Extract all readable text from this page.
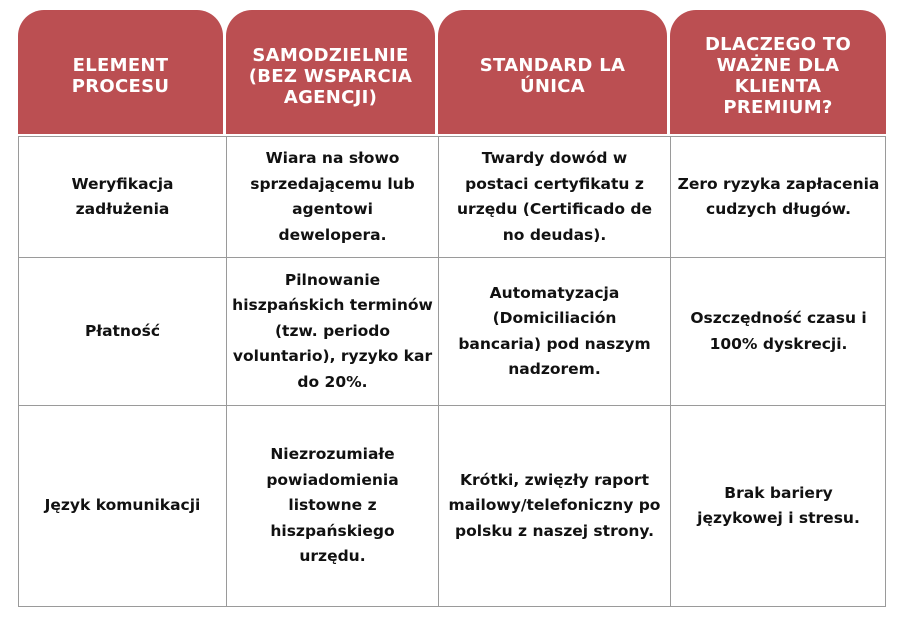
ELEMENT PROCESU
SAMODZIELNIE (BEZ WSPARCIA AGENCJI)
STANDARD LA ÚNICA
DLACZEGO TO WAŻNE DLA KLIENTA PREMIUM?
Weryfikacja zadłużenia
Wiara na słowo sprzedającemu lub agentowi dewelopera.
Twardy dowód w postaci certyfikatu z urzędu (Certificado de no deudas).
Zero ryzyka zapłacenia cudzych długów.
Płatność
Pilnowanie hiszpańskich terminów (tzw. periodo voluntario), ryzyko kar do 20%.
Automatyzacja (Domiciliación bancaria) pod naszym nadzorem.
Oszczędność czasu i 100% dyskrecji.
Język komunikacji
Niezrozumiałe powiadomienia listowne z hiszpańskiego urzędu.
Krótki, zwięzły raport mailowy/telefoniczny po polsku z naszej strony.
Brak bariery językowej i stresu.
